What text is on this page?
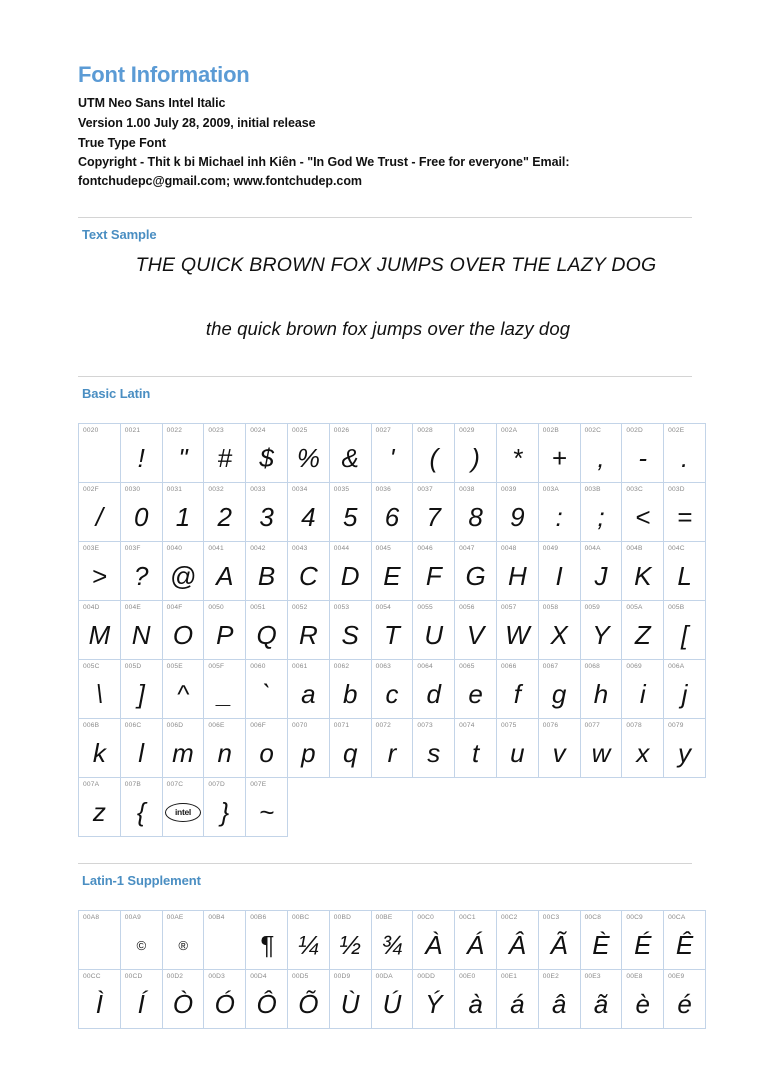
Font Information
UTM Neo Sans Intel Italic
Version 1.00 July 28, 2009, initial release
True Type Font
Copyright - Thit k bi Michael inh Kiên - "In God We Trust - Free for everyone" Email:
fontchudepc@gmail.com; www.fontchudep.com
Text Sample
THE QUICK BROWN FOX JUMPS OVER THE LAZY DOG
the quick brown fox jumps over the lazy dog
Basic Latin
0020	0021
!

0022
"

0023
#

0024
$

0025
%

0026
&

0027
'

0028
(

0029
)

002A
*

002B
+

002C
,

002D
-

002E
.

002F
/

0030
0

0031
1

0032
2

0033
3

0034
4

0035
5

0036
6

0037
7

0038
8

0039
9

003A
:

003B
;

003C
<

003D
=

003E
>

003F
?

0040
@

0041
A

0042
B

0043
C

0044
D

0045
E

0046
F

0047
G

0048
H

0049
I

004A
J

004B
K

004C
L

004D
M

004E
N

004F
O

0050
P

0051
Q

0052
R

0053
S

0054
T

0055
U

0056
V

0057
W

0058
X

0059
Y

005A
Z

005B
[

005C
\

005D
]

005E
^

005F
_

0060
`

0061
a

0062
b

0063
c

0064
d

0065
e

0066
f

0067
g

0068
h

0069
i

006A
j

006B
k

006C
l

006D
m

006E
n

006F
o

0070
p

0071
q

0072
r

0073
s

0074
t

0075
u

0076
v

0077
w

0078
x

0079
y

007A
z

007B
{

007C
intel

007D
}

007E
~

Latin-1 Supplement
00A8	00A9
©

00AE
®

00B4	00B6
¶

00BC
¼

00BD
½

00BE
¾

00C0
À

00C1
Á

00C2
Â

00C3
Ã

00C8
È

00C9
É

00CA
Ê

00CC
Ì

00CD
Í

00D2
Ò

00D3
Ó

00D4
Ô

00D5
Õ

00D9
Ù

00DA
Ú

00DD
Ý

00E0
à

00E1
á

00E2
â

00E3
ã

00E8
è

00E9
é
